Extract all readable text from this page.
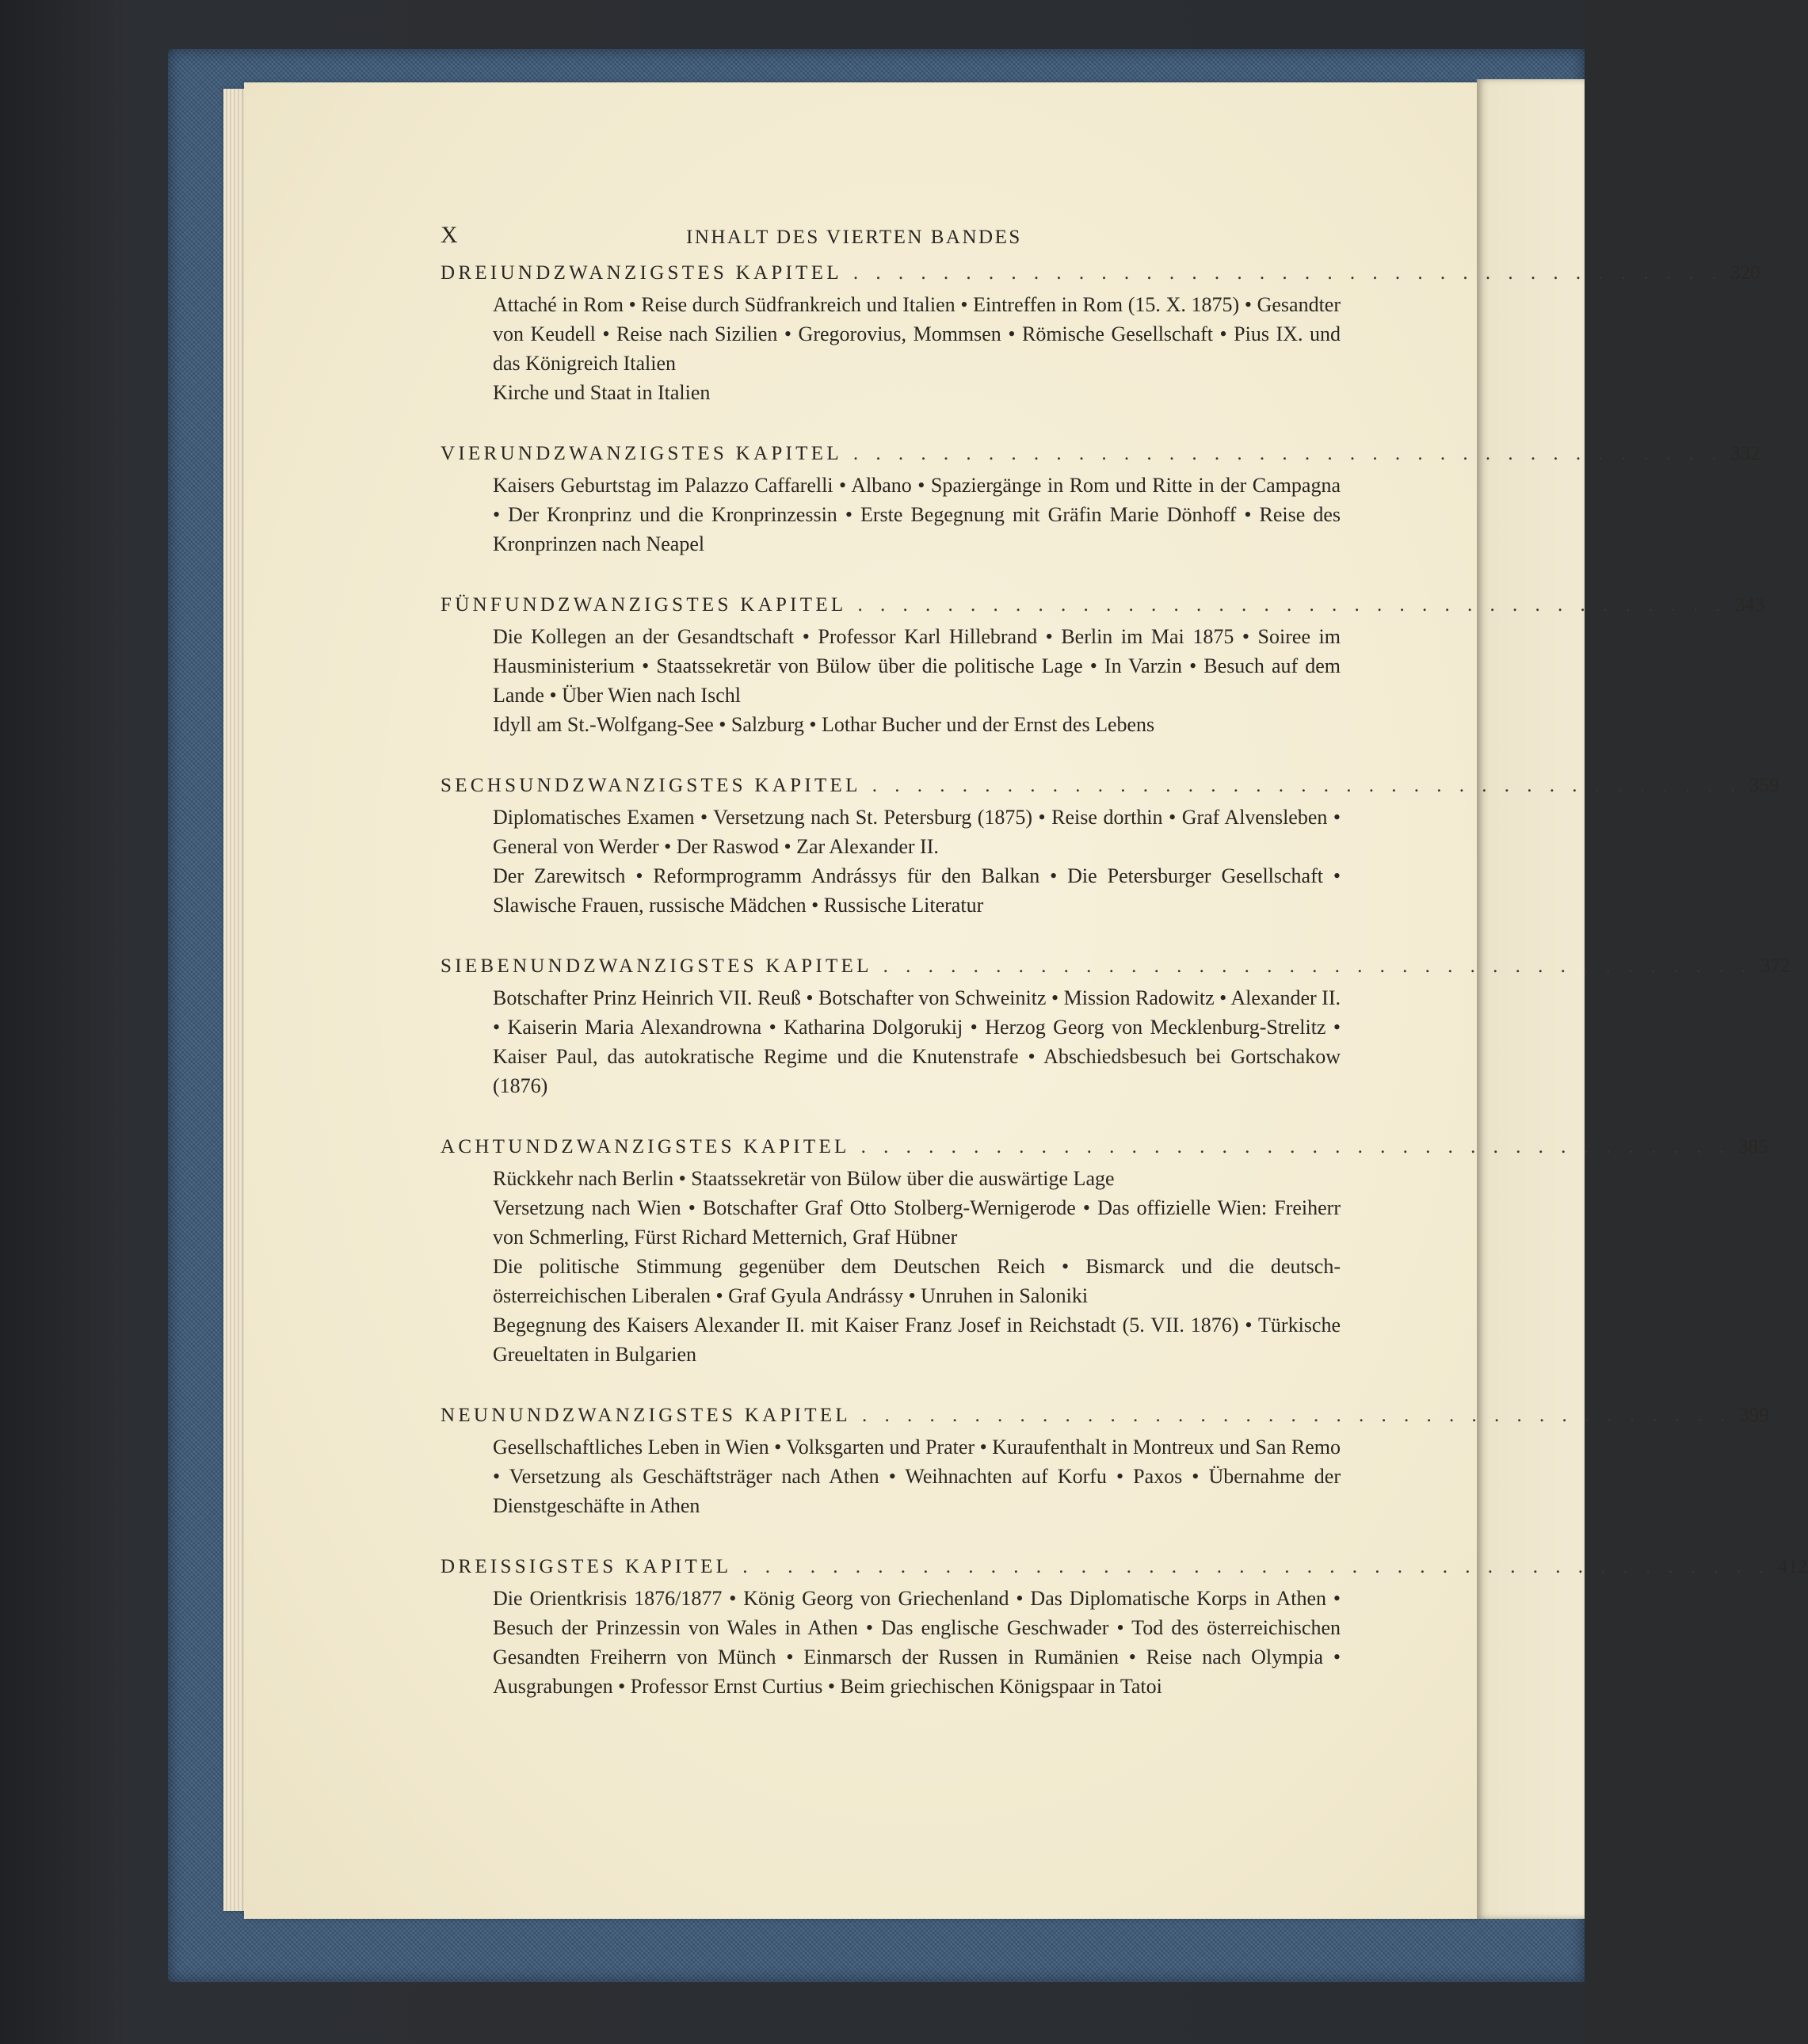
X	INHALT DES VIERTEN BANDES
DREIUNDZWANZIGSTES KAPITEL . . . . . . . . . . . . . . . . . . . . . . . . . . . . . . . . . . . . . . . 320
Attaché in Rom • Reise durch Südfrankreich und Italien • Eintreffen in Rom (15. X. 1875) • Gesandter von Keudell • Reise nach Sizilien • Gregorovius, Mommsen • Römische Gesellschaft • Pius IX. und das Königreich Italien
Kirche und Staat in Italien
VIERUNDZWANZIGSTES KAPITEL . . . . . . . . . . . . . . . . . . . . . . . . . . . . . . . . . . . . . . . 332
Kaisers Geburtstag im Palazzo Caffarelli • Albano • Spaziergänge in Rom und Ritte in der Campagna • Der Kronprinz und die Kronprinzessin • Erste Begegnung mit Gräfin Marie Dönhoff • Reise des Kronprinzen nach Neapel
FÜNFUNDZWANZIGSTES KAPITEL . . . . . . . . . . . . . . . . . . . . . . . . . . . . . . . . . . . . . . . 343
Die Kollegen an der Gesandtschaft • Professor Karl Hillebrand • Berlin im Mai 1875 • Soiree im Hausministerium • Staatssekretär von Bülow über die politische Lage • In Varzin • Besuch auf dem Lande • Über Wien nach Ischl
Idyll am St.-Wolfgang-See • Salzburg • Lothar Bucher und der Ernst des Lebens
SECHSUNDZWANZIGSTES KAPITEL . . . . . . . . . . . . . . . . . . . . . . . . . . . . . . . . . . . . . . . 359
Diplomatisches Examen • Versetzung nach St. Petersburg (1875) • Reise dorthin • Graf Alvensleben • General von Werder • Der Raswod • Zar Alexander II.
Der Zarewitsch • Reformprogramm Andrássys für den Balkan • Die Petersburger Gesellschaft • Slawische Frauen, russische Mädchen • Russische Literatur
SIEBENUNDZWANZIGSTES KAPITEL . . . . . . . . . . . . . . . . . . . . . . . . . . . . . . . . . . . . . . . 372
Botschafter Prinz Heinrich VII. Reuß • Botschafter von Schweinitz • Mission Radowitz • Alexander II. • Kaiserin Maria Alexandrowna • Katharina Dolgorukij • Herzog Georg von Mecklenburg-Strelitz • Kaiser Paul, das autokratische Regime und die Knutenstrafe • Abschiedsbesuch bei Gortschakow (1876)
ACHTUNDZWANZIGSTES KAPITEL . . . . . . . . . . . . . . . . . . . . . . . . . . . . . . . . . . . . . . . 385
Rückkehr nach Berlin • Staatssekretär von Bülow über die auswärtige Lage
Versetzung nach Wien • Botschafter Graf Otto Stolberg-Wernigerode • Das offizielle Wien: Freiherr von Schmerling, Fürst Richard Metternich, Graf Hübner
Die politische Stimmung gegenüber dem Deutschen Reich • Bismarck und die deutsch-österreichischen Liberalen • Graf Gyula Andrássy • Unruhen in Saloniki
Begegnung des Kaisers Alexander II. mit Kaiser Franz Josef in Reichstadt (5. VII. 1876) • Türkische Greueltaten in Bulgarien
NEUNUNDZWANZIGSTES KAPITEL . . . . . . . . . . . . . . . . . . . . . . . . . . . . . . . . . . . . . . . 399
Gesellschaftliches Leben in Wien • Volksgarten und Prater • Kuraufenthalt in Montreux und San Remo • Versetzung als Geschäftsträger nach Athen • Weihnachten auf Korfu • Paxos • Übernahme der Dienstgeschäfte in Athen
DREISSIGSTES KAPITEL . . . . . . . . . . . . . . . . . . . . . . . . . . . . . . . . . . . . . . . . . . . . . . 412
Die Orientkrisis 1876/1877 • König Georg von Griechenland • Das Diplomatische Korps in Athen • Besuch der Prinzessin von Wales in Athen • Das englische Geschwader • Tod des österreichischen Gesandten Freiherrn von Münch • Einmarsch der Russen in Rumänien • Reise nach Olympia • Ausgrabungen • Professor Ernst Curtius • Beim griechischen Königspaar in Tatoi
